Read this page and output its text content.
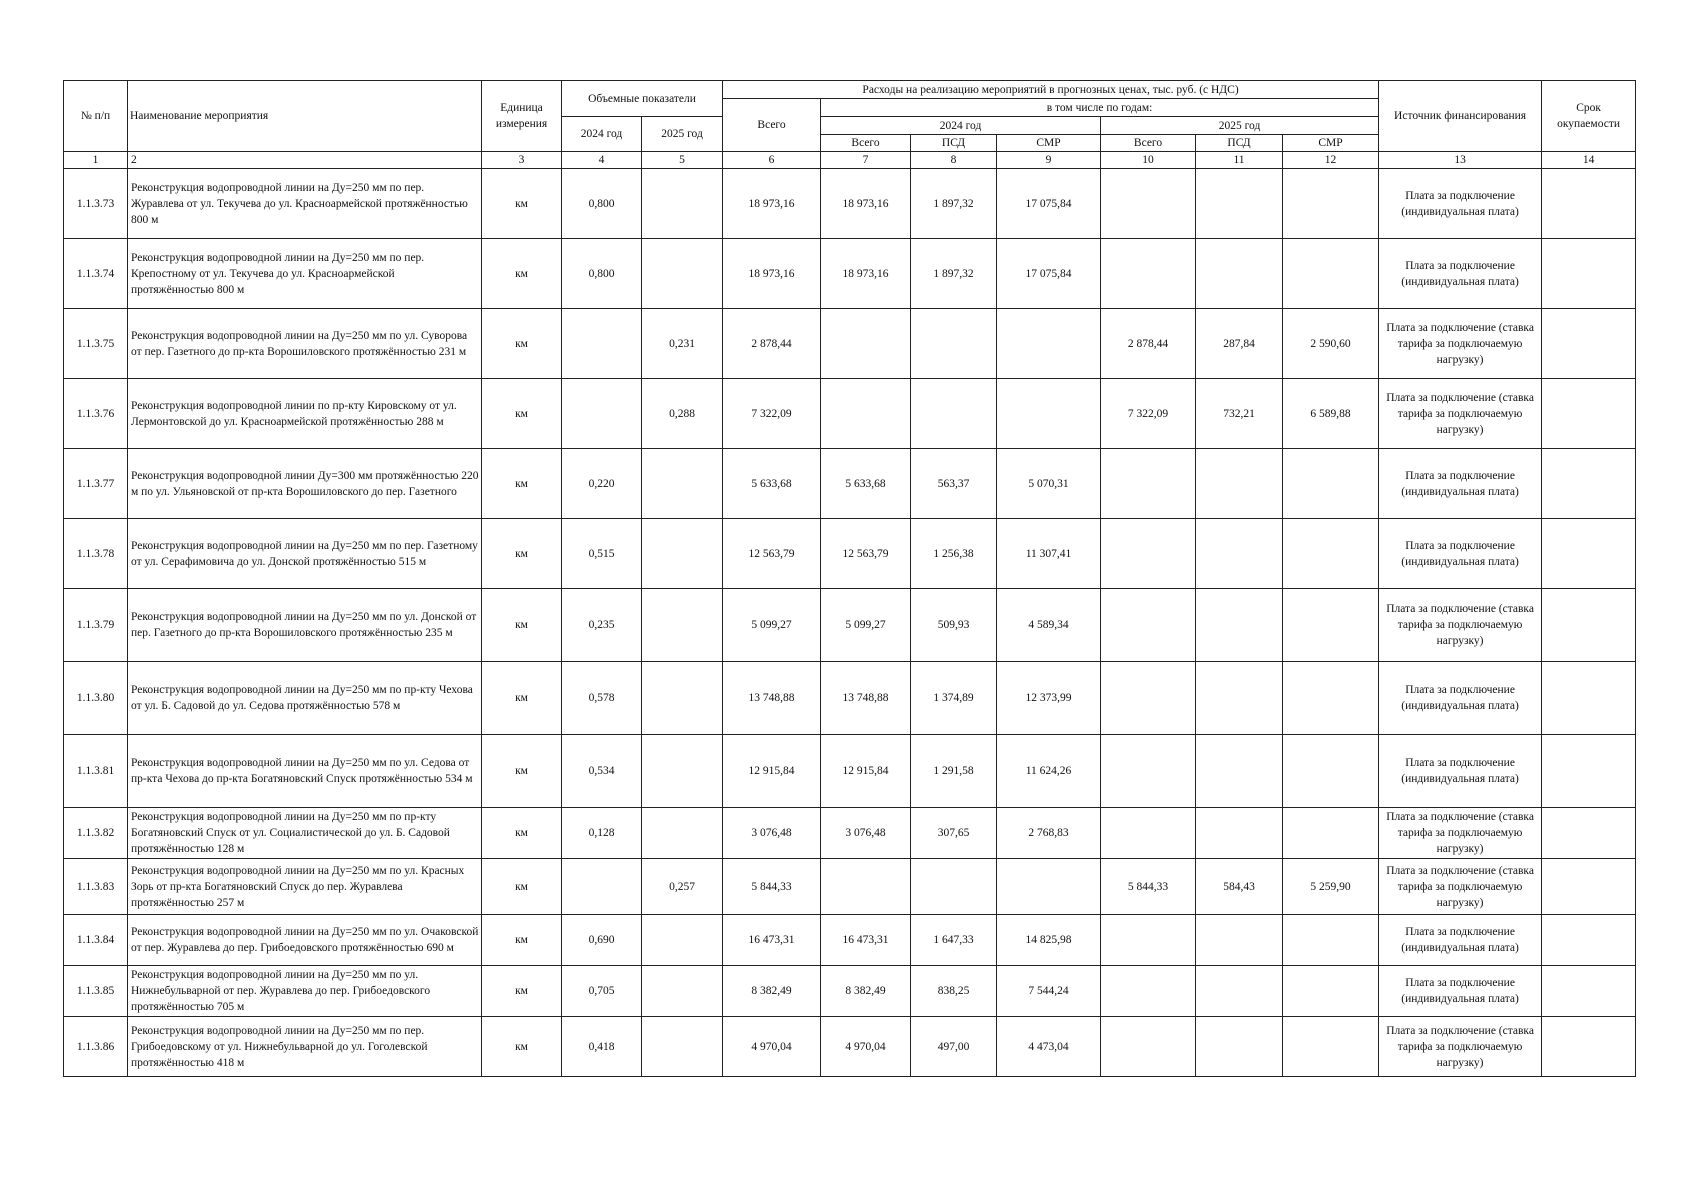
№ п/п	Наименование мероприятия	Единица измерения	Объемные показатели		Расходы на реализацию мероприятий в прогнозных ценах, тыс. руб. (с НДС)							Источник финансирования	Срок окупаемости
					Всего	в том числе по годам:							
			2024 год	2025 год		2024 год			2025 год				
						Всего	ПСД	СМР	Всего	ПСД	СМР		
1	2	3	4	5	6	7	8	9	10	11	12	13	14
1.1.3.73	Реконструкция водопроводной линии на Ду=250 мм по пер. Журавлева от ул. Текучева до ул. Красноармейской протяжённостью 800 м	км	0,800		18 973,16	18 973,16	1 897,32	17 075,84				Плата за подключение (индивидуальная плата)	
1.1.3.74	Реконструкция водопроводной линии на Ду=250 мм по пер. Крепостному от ул. Текучева до ул. Красноармейской протяжённостью 800 м	км	0,800		18 973,16	18 973,16	1 897,32	17 075,84				Плата за подключение (индивидуальная плата)	
1.1.3.75	Реконструкция водопроводной линии на Ду=250 мм по ул. Суворова от пер. Газетного до пр-кта Ворошиловского протяжённостью 231 м	км		0,231	2 878,44				2 878,44	287,84	2 590,60	Плата за подключение (ставка тарифа за подключаемую нагрузку)	
1.1.3.76	Реконструкция водопроводной линии по пр-кту Кировскому от ул. Лермонтовской до ул. Красноармейской протяжённостью 288 м	км		0,288	7 322,09				7 322,09	732,21	6 589,88	Плата за подключение (ставка тарифа за подключаемую нагрузку)	
1.1.3.77	Реконструкция водопроводной линии Ду=300 мм протяжённостью 220 м по ул. Ульяновской от пр-кта Ворошиловского до пер. Газетного	км	0,220		5 633,68	5 633,68	563,37	5 070,31				Плата за подключение (индивидуальная плата)	
1.1.3.78	Реконструкция водопроводной линии на Ду=250 мм по пер. Газетному от ул. Серафимовича до ул. Донской протяжённостью 515 м	км	0,515		12 563,79	12 563,79	1 256,38	11 307,41				Плата за подключение (индивидуальная плата)	
1.1.3.79	Реконструкция водопроводной линии на Ду=250 мм по ул. Донской от пер. Газетного до пр-кта Ворошиловского протяжённостью 235 м	км	0,235		5 099,27	5 099,27	509,93	4 589,34				Плата за подключение (ставка тарифа за подключаемую нагрузку)	
1.1.3.80	Реконструкция водопроводной линии на Ду=250 мм по пр-кту Чехова от ул. Б. Садовой до ул. Седова протяжённостью 578 м	км	0,578		13 748,88	13 748,88	1 374,89	12 373,99				Плата за подключение (индивидуальная плата)	
1.1.3.81	Реконструкция водопроводной линии на Ду=250 мм по ул. Седова от пр-кта Чехова до пр-кта Богатяновский Спуск протяжённостью 534 м	км	0,534		12 915,84	12 915,84	1 291,58	11 624,26				Плата за подключение (индивидуальная плата)	
1.1.3.82	Реконструкция водопроводной линии на Ду=250 мм по пр-кту Богатяновский Спуск от ул. Социалистической до ул. Б. Садовой протяжённостью 128 м	км	0,128		3 076,48	3 076,48	307,65	2 768,83				Плата за подключение (ставка тарифа за подключаемую нагрузку)	
1.1.3.83	Реконструкция водопроводной линии на Ду=250 мм по ул. Красных Зорь от пр-кта Богатяновский Спуск до пер. Журавлева протяжённостью 257 м	км		0,257	5 844,33				5 844,33	584,43	5 259,90	Плата за подключение (ставка тарифа за подключаемую нагрузку)	
1.1.3.84	Реконструкция водопроводной линии на Ду=250 мм по ул. Очаковской от пер. Журавлева до пер. Грибоедовского протяжённостью 690 м	км	0,690		16 473,31	16 473,31	1 647,33	14 825,98				Плата за подключение (индивидуальная плата)	
1.1.3.85	Реконструкция водопроводной линии на Ду=250 мм по ул. Нижнебульварной от пер. Журавлева до пер. Грибоедовского протяжённостью 705 м	км	0,705		8 382,49	8 382,49	838,25	7 544,24				Плата за подключение (индивидуальная плата)	
1.1.3.86	Реконструкция водопроводной линии на Ду=250 мм по пер. Грибоедовскому от ул. Нижнебульварной до ул. Гоголевской протяжённостью 418 м	км	0,418		4 970,04	4 970,04	497,00	4 473,04				Плата за подключение (ставка тарифа за подключаемую нагрузку)	
